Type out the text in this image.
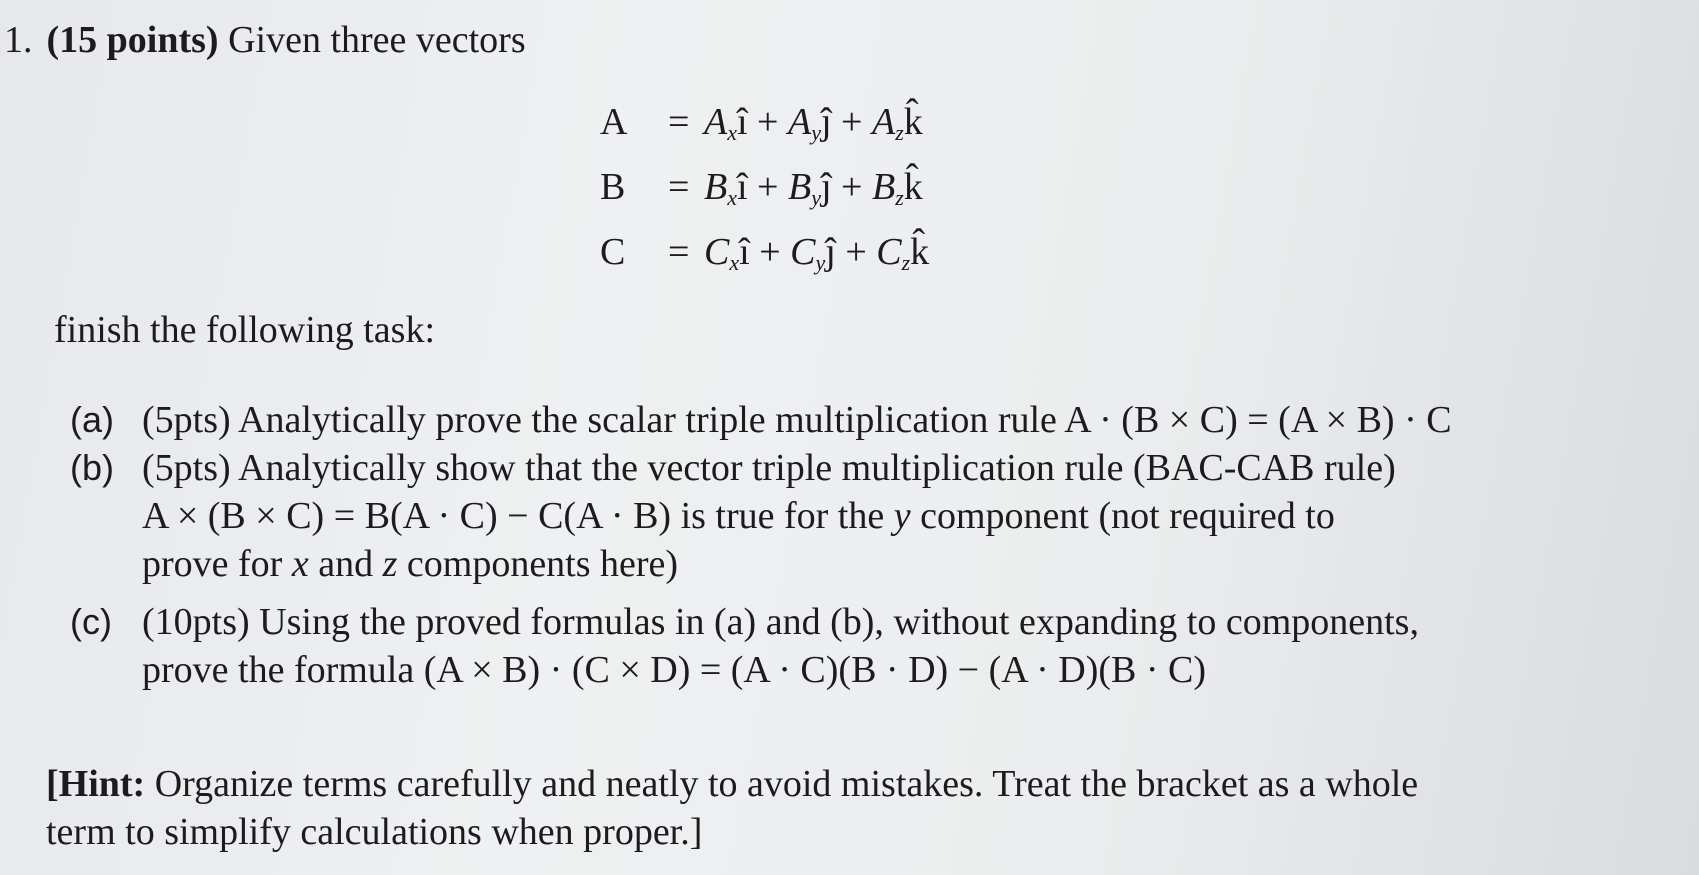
1. (15 points) Given three vectors
A	= $A_xî$ + $A_yĵ$ + $A_zk̂$
B	= $B_xî$ + $B_yĵ$ + $B_zk̂$
C	= $C_xî$ + $C_yĵ$ + $C_zk̂$
finish the following task:
(a) (5pts) Analytically prove the scalar triple multiplication rule A · (B × C) = (A × B) · C
(b) (5pts) Analytically show that the vector triple multiplication rule (BAC-CAB rule)
A × (B × C) = B(A · C) − C(A · B) is true for the y component (not required to
prove for x and z components here)
(c) (10pts) Using the proved formulas in (a) and (b), without expanding to components,
prove the formula (A × B) · (C × D) = (A · C)(B · D) − (A · D)(B · C)
[Hint: Organize terms carefully and neatly to avoid mistakes. Treat the bracket as a whole
term to simplify calculations when proper.]
